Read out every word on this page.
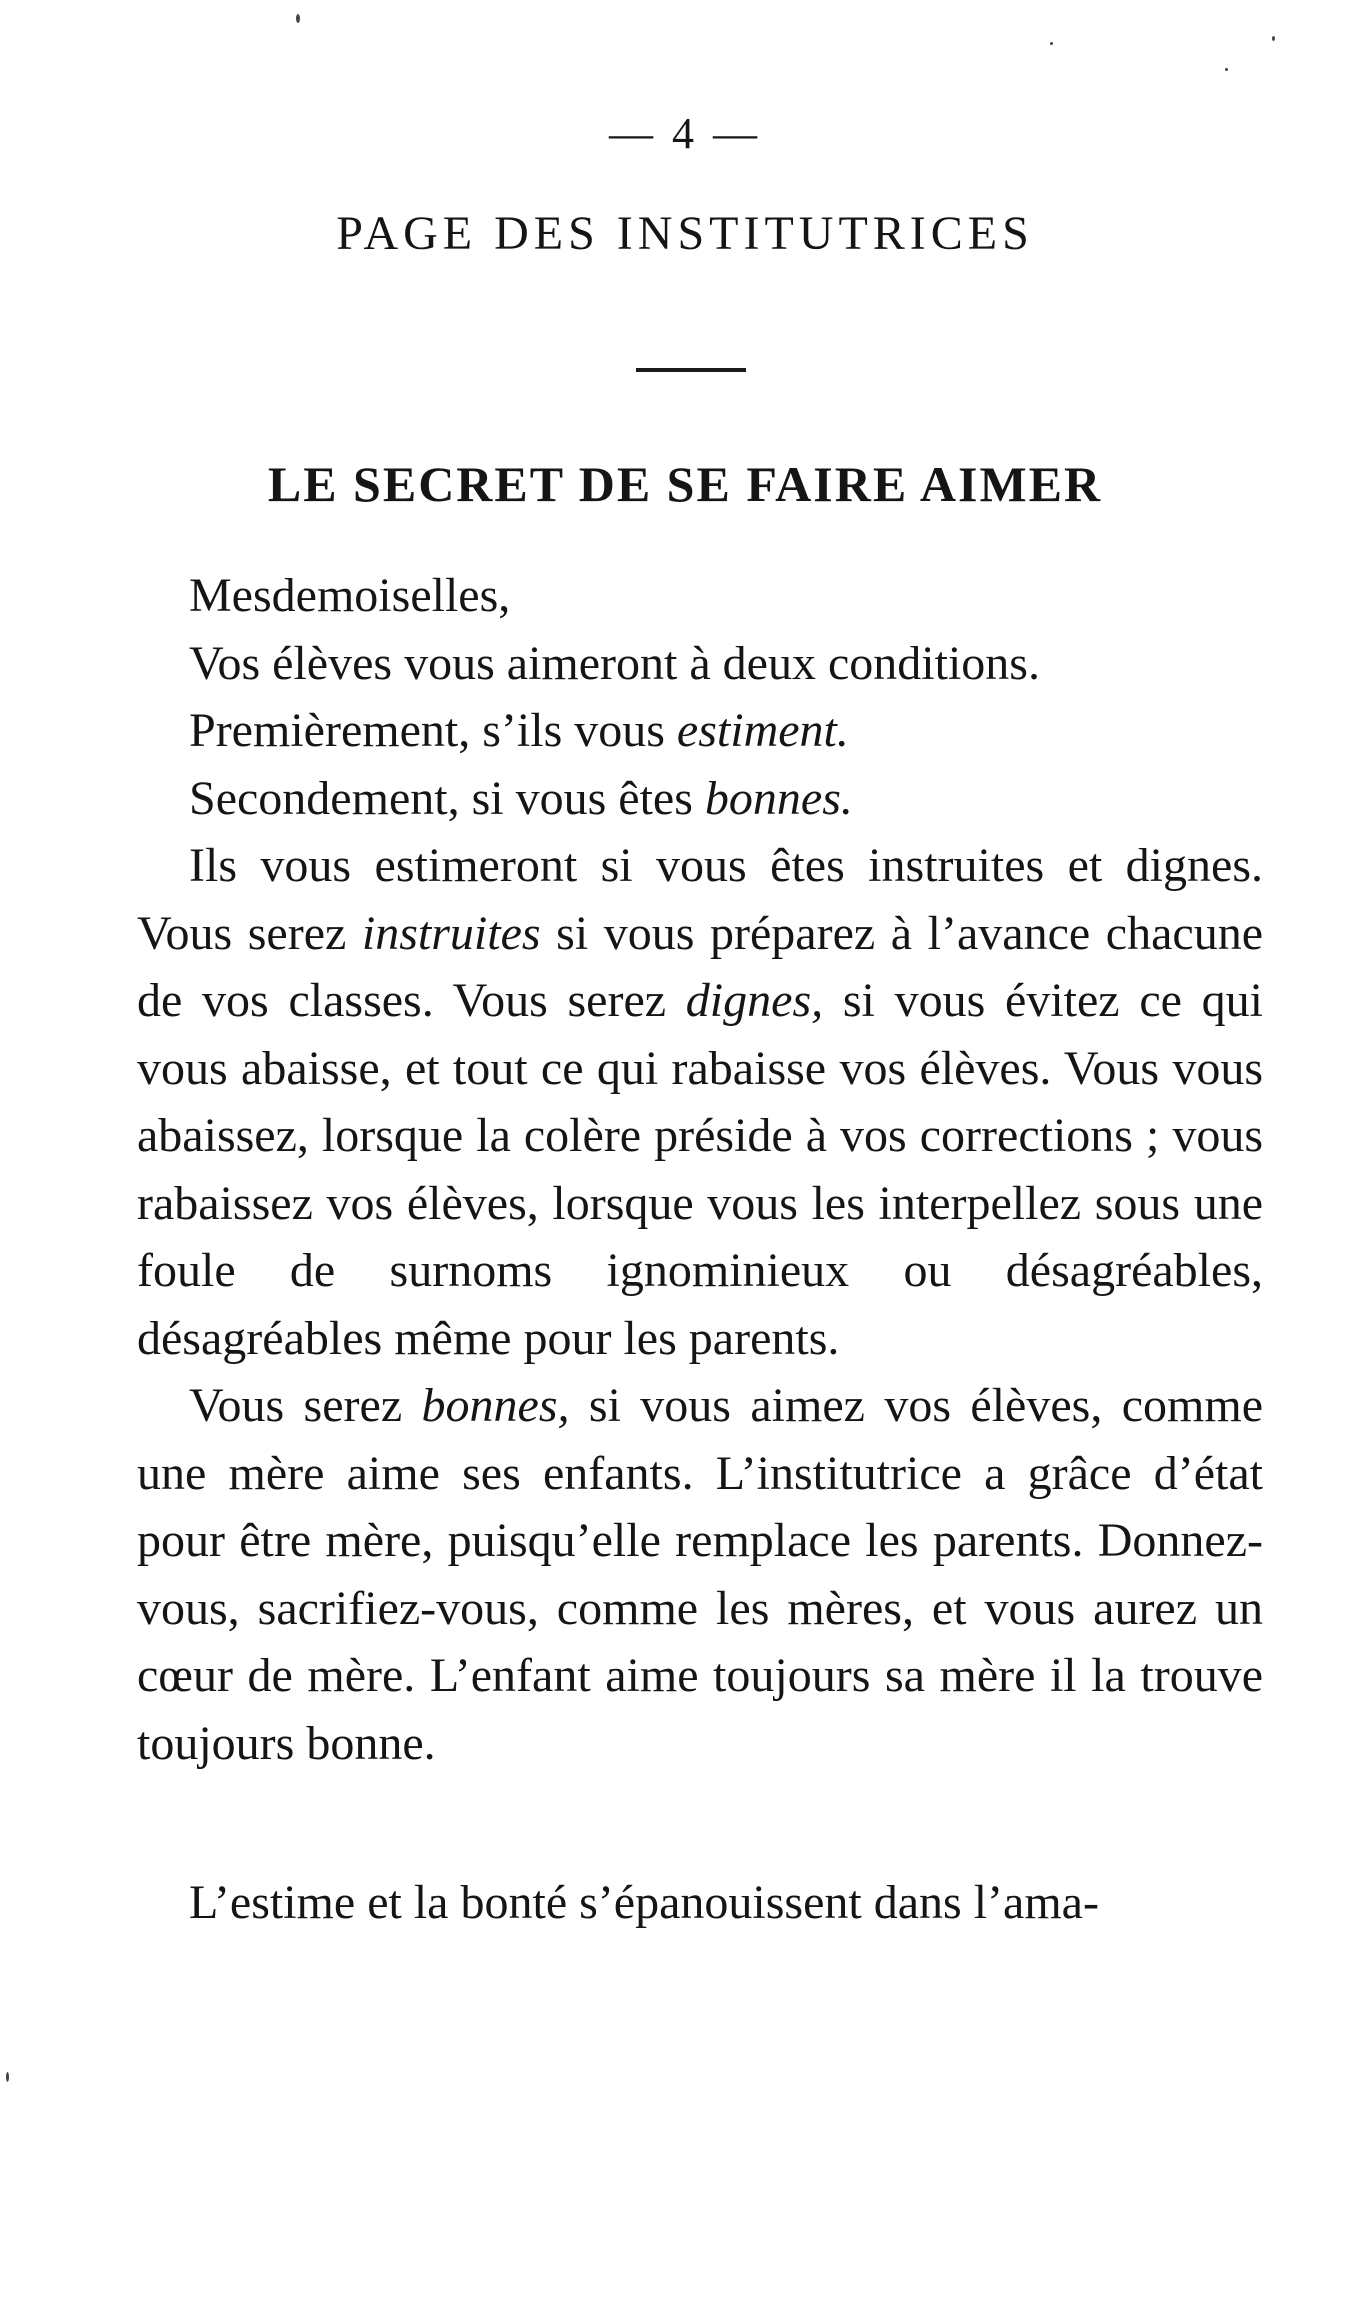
— 4 —
PAGE DES INSTITUTRICES
LE SECRET DE SE FAIRE AIMER

Mesdemoiselles,

Vos élèves vous aimeront à deux conditions.

Premièrement, s’ils vous estiment.

Secondement, si vous êtes bonnes.

Ils vous estimeront si vous êtes instruites et dignes. Vous serez instruites si vous préparez à l’avance chacune de vos classes. Vous serez dignes, si vous évitez ce qui vous abaisse, et tout ce qui rabaisse vos élèves. Vous vous abaissez, lorsque la colère préside à vos corrections ; vous rabaissez vos élèves, lorsque vous les interpellez sous une foule de surnoms ignominieux ou désagréables, désagréables même pour les parents.

Vous serez bonnes, si vous aimez vos élèves, comme une mère aime ses enfants. L’institutrice a grâce d’état pour être mère, puisqu’elle remplace les parents. Donnez-vous, sacrifiez-vous, comme les mères, et vous aurez un cœur de mère. L’enfant aime toujours sa mère il la trouve toujours bonne.

L’estime et la bonté s’épanouissent dans l’ama-
